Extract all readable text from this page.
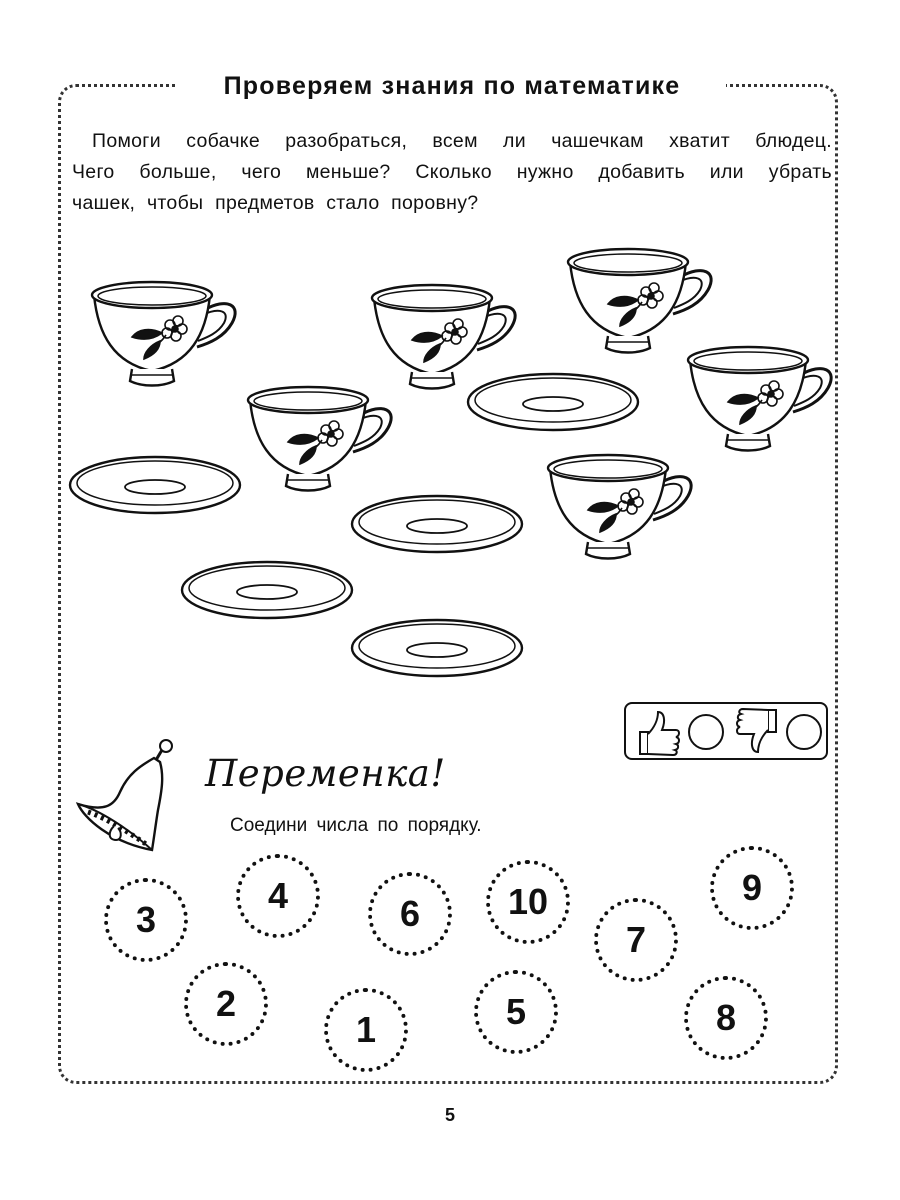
Проверяем знания по математике

Помоги собачке разобраться, всем ли чашечкам хватит блюдец.

Чего больше, чего меньше? Сколько нужно добавить или убрать

чашек, чтобы предметов стало поровну?

Переменка!
Соедини числа по порядку.
3
4	6	10	9
7
2
1	5	8
5
